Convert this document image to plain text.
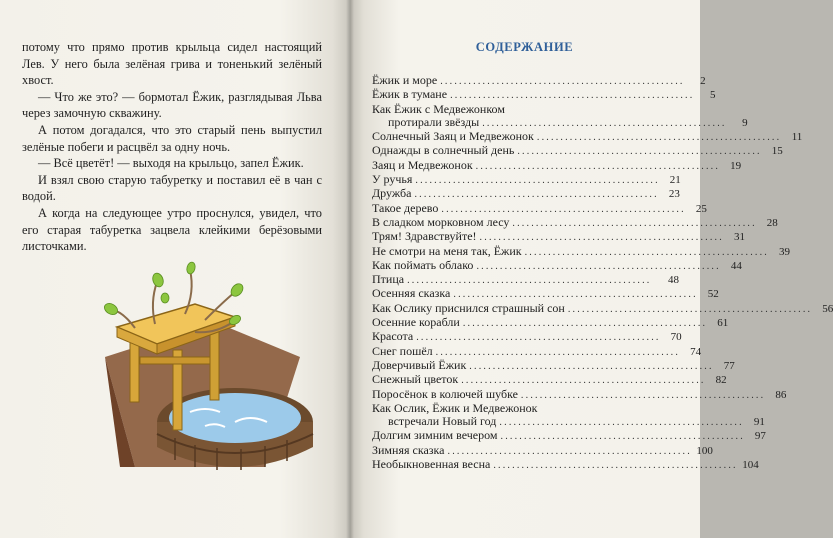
потому что прямо против крыльца сидел настоящий Лев. У него была зелёная грива и тоненький зелёный хвост.

— Что же это? — бормотал Ёжик, разглядывая Льва через замочную скважину.

А потом догадался, что это старый пень выпустил зелёные побеги и расцвёл за одну ночь.

— Всё цветёт! — выходя на крыльцо, запел Ёжик.

И взял свою старую табуретку и поставил её в чан с водой.

А когда на следующее утро проснулся, увидел, что его старая табуретка зацвела клейкими берёзовыми листочками.

СОДЕРЖАНИЕ
Ёжик и море ....................................................	2
Ёжик в тумане ....................................................	5
Как Ёжик с Медвежонком
протирали звёзды ....................................................	9
Солнечный Заяц и Медвежонок .................................................... 11
Однажды в солнечный день .................................................... 15
Заяц и Медвежонок .................................................... 19
У ручья .................................................... 21
Дружба .................................................... 23
Такое дерево .................................................... 25
В сладком морковном лесу .................................................... 28
Трям! Здравствуйте! .................................................... 31
Не смотри на меня так, Ёжик .................................................... 39
Как поймать облако .................................................... 44
Птица ....................................................	48
Осенняя сказка .................................................... 52
Как Ослику приснился страшный сон .................................................... 56
Осенние корабли .................................................... 61
Красота .................................................... 70
Снег пошёл .................................................... 74
Доверчивый Ёжик .................................................... 77
Снежный цветок .................................................... 82
Поросёнок в колючей шубке .................................................... 86
Как Ослик, Ёжик и Медвежонок
встречали Новый год .................................................... 91
Долгим зимним вечером .................................................... 97
Зимняя сказка .................................................... 100
Необыкновенная весна .................................................... 104
